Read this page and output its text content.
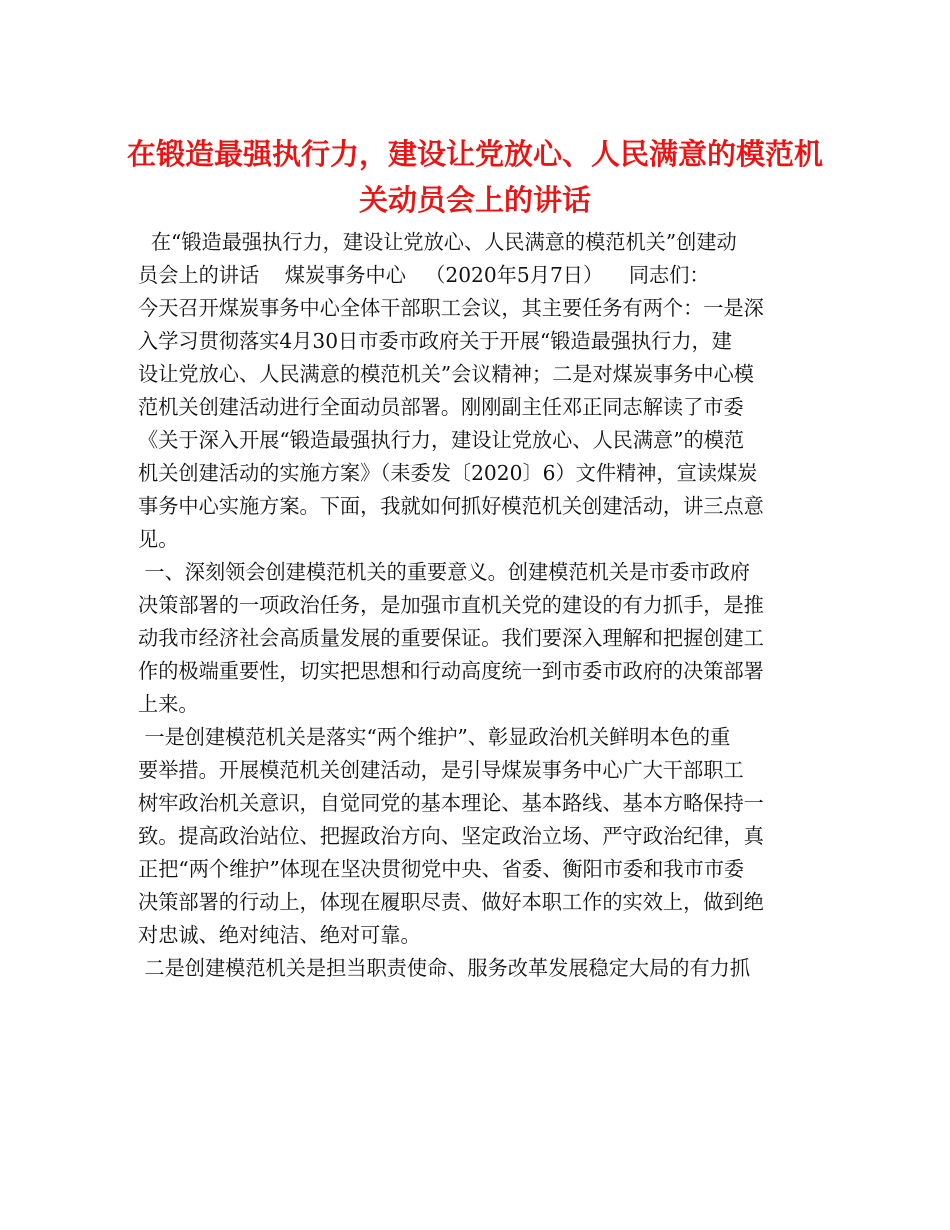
在锻造最强执行力，建设让党放心、人民满意的模范机
关动员会上的讲话
在“锻造最强执行力，建设让党放心、人民满意的模范机关”创建动
员会上的讲话    煤炭事务中心   （2020年5月7日）    同志们：
今天召开煤炭事务中心全体干部职工会议，其主要任务有两个：一是深
入学习贯彻落实4月30日市委市政府关于开展“锻造最强执行力，建
设让党放心、人民满意的模范机关”会议精神；二是对煤炭事务中心模
范机关创建活动进行全面动员部署。刚刚副主任邓正同志解读了市委
《关于深入开展“锻造最强执行力，建设让党放心、人民满意”的模范
机关创建活动的实施方案》（耒委发〔2020〕6）文件精神，宣读煤炭
事务中心实施方案。下面，我就如何抓好模范机关创建活动，讲三点意
见。
一、深刻领会创建模范机关的重要意义。创建模范机关是市委市政府
决策部署的一项政治任务，是加强市直机关党的建设的有力抓手，是推
动我市经济社会高质量发展的重要保证。我们要深入理解和把握创建工
作的极端重要性，切实把思想和行动高度统一到市委市政府的决策部署
上来。
一是创建模范机关是落实“两个维护”、彰显政治机关鲜明本色的重
要举措。开展模范机关创建活动，是引导煤炭事务中心广大干部职工
树牢政治机关意识，自觉同党的基本理论、基本路线、基本方略保持一
致。提高政治站位、把握政治方向、坚定政治立场、严守政治纪律，真
正把“两个维护”体现在坚决贯彻党中央、省委、衡阳市委和我市市委
决策部署的行动上，体现在履职尽责、做好本职工作的实效上，做到绝
对忠诚、绝对纯洁、绝对可靠。
二是创建模范机关是担当职责使命、服务改革发展稳定大局的有力抓
